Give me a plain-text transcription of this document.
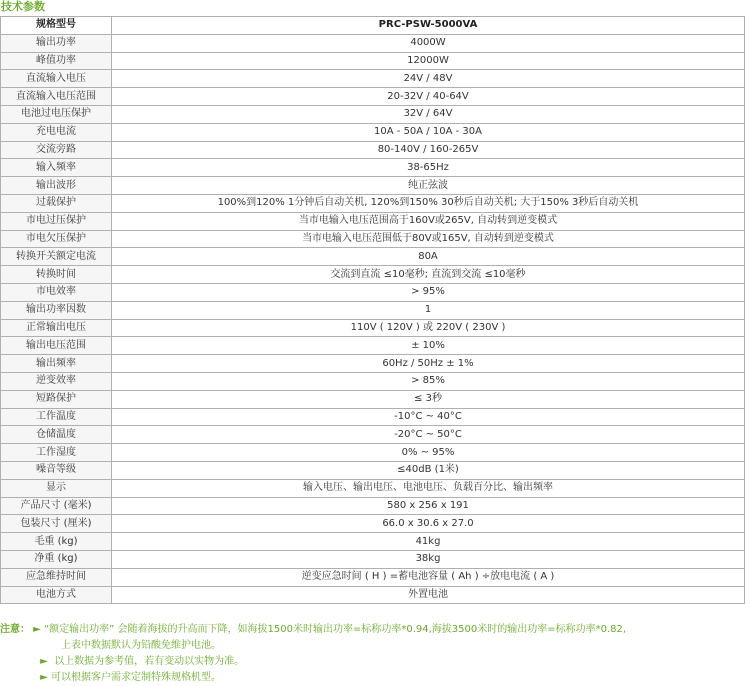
技术参数
规格型号	PRC-PSW-5000VA
输出功率	4000W
峰值功率	12000W
直流输入电压	24V / 48V
直流输入电压范围	20-32V / 40-64V
电池过电压保护	32V / 64V
充电电流	10A - 50A / 10A - 30A
交流旁路	80-140V / 160-265V
输入频率	38-65Hz
输出波形	纯正弦波
过载保护	100%到120% 1分钟后自动关机, 120%到150% 30秒后自动关机; 大于150% 3秒后自动关机
市电过压保护	当市电输入电压范围高于160V或265V, 自动转到逆变模式
市电欠压保护	当市电输入电压范围低于80V或165V, 自动转到逆变模式
转换开关额定电流	80A
转换时间	交流到直流 ≤10毫秒; 直流到交流 ≤10毫秒
市电效率	> 95%
输出功率因数	1
正常输出电压	110V ( 120V ) 或 220V ( 230V )
输出电压范围	± 10%
输出频率	60Hz / 50Hz ± 1%
逆变效率	> 85%
短路保护	≤ 3秒
工作温度	-10°C ~ 40°C
仓储温度	-20°C ~ 50°C
工作湿度	0% ~ 95%
噪音等级	≤40dB (1米)
显示	输入电压、输出电压、电池电压、负载百分比、输出频率
产品尺寸 (毫米)	580 x 256 x 191
包装尺寸 (厘米)	66.0 x 30.6 x 27.0
毛重 (kg)	41kg
净重 (kg)	38kg
应急维持时间	逆变应急时间 ( H ) =蓄电池容量 ( Ah ) ÷放电电流 ( A )
电池方式	外置电池
注意： ► “额定输出功率” 会随着海拔的升高而下降，如海拔1500米时输出功率=标称功率*0.94,海拔3500米时的输出功率=标称功率*0.82,
上表中数据默认为铅酸免维护电池。
► 以上数据为参考值，若有变动以实物为准。
► 可以根据客户需求定制特殊规格机型。
